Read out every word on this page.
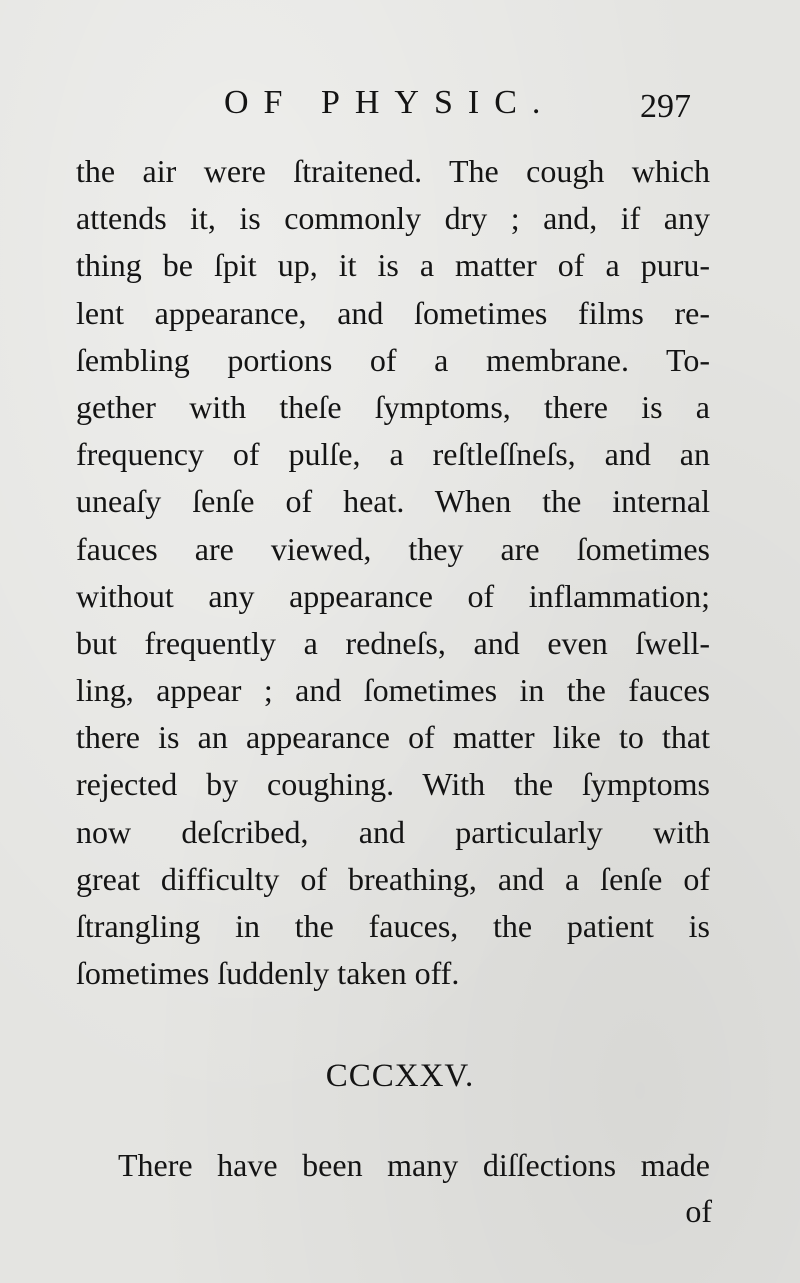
OF PHYSIC. 297
the air were ſtraitened. The cough which
attends it, is commonly dry ; and, if any
thing be ſpit up, it is a matter of a puru-
lent appearance, and ſometimes films re-
ſembling portions of a membrane. To-
gether with theſe ſymptoms, there is a
frequency of pulſe, a reſtleſſneſs, and an
uneaſy ſenſe of heat. When the internal
fauces are viewed, they are ſometimes
without any appearance of inflammation;
but frequently a redneſs, and even ſwell-
ling, appear ; and ſometimes in the fauces
there is an appearance of matter like to that
rejected by coughing. With the ſymptoms
now deſcribed, and particularly with
great difficulty of breathing, and a ſenſe of
ſtrangling in the fauces, the patient is
ſometimes ſuddenly taken off.
CCCXXV.
There have been many diſſections made
of
